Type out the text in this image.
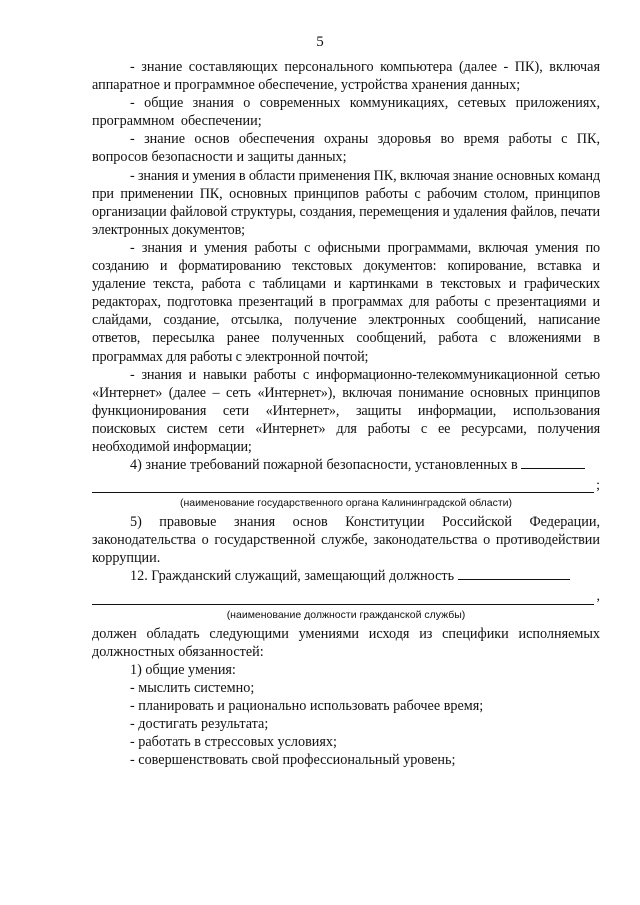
5

- знание составляющих персонального компьютера (далее - ПК), включая аппаратное и программное обеспечение, устройства хранения данных;

- общие знания о современных коммуникациях, сетевых приложениях, программном обеспечении;

- знание основ обеспечения охраны здоровья во время работы с ПК, вопросов безопасности и защиты данных;

- знания и умения в области применения ПК, включая знание основных команд при применении ПК, основных принципов работы с рабочим столом, принципов организации файловой структуры, создания, перемещения и удаления файлов, печати электронных документов;

- знания и умения работы с офисными программами, включая умения по созданию и форматированию текстовых документов: копирование, вставка и удаление текста, работа с таблицами и картинками в текстовых и графических редакторах, подготовка презентаций в программах для работы с презентациями и слайдами, создание, отсылка, получение электронных сообщений, написание ответов, пересылка ранее полученных сообщений, работа с вложениями в программах для работы с электронной почтой;

- знания и навыки работы с информационно-телекоммуникационной сетью «Интернет» (далее – сеть «Интернет»), включая понимание основных принципов функционирования сети «Интернет», защиты информации, использования поисковых систем сети «Интернет» для работы с ее ресурсами, получения необходимой информации;

4) знание требований пожарной безопасности, установленных в

;
(наименование государственного органа Калининградской области)

5) правовые знания основ Конституции Российской Федерации, законодательства о государственной службе, законодательства о противодействии коррупции.

12. Гражданский служащий, замещающий должность

,
(наименование должности гражданской службы)

должен обладать следующими умениями исходя из специфики исполняемых должностных обязанностей:

1) общие умения:

- мыслить системно;

- планировать и рационально использовать рабочее время;

- достигать результата;

- работать в стрессовых условиях;

- совершенствовать свой профессиональный уровень;
